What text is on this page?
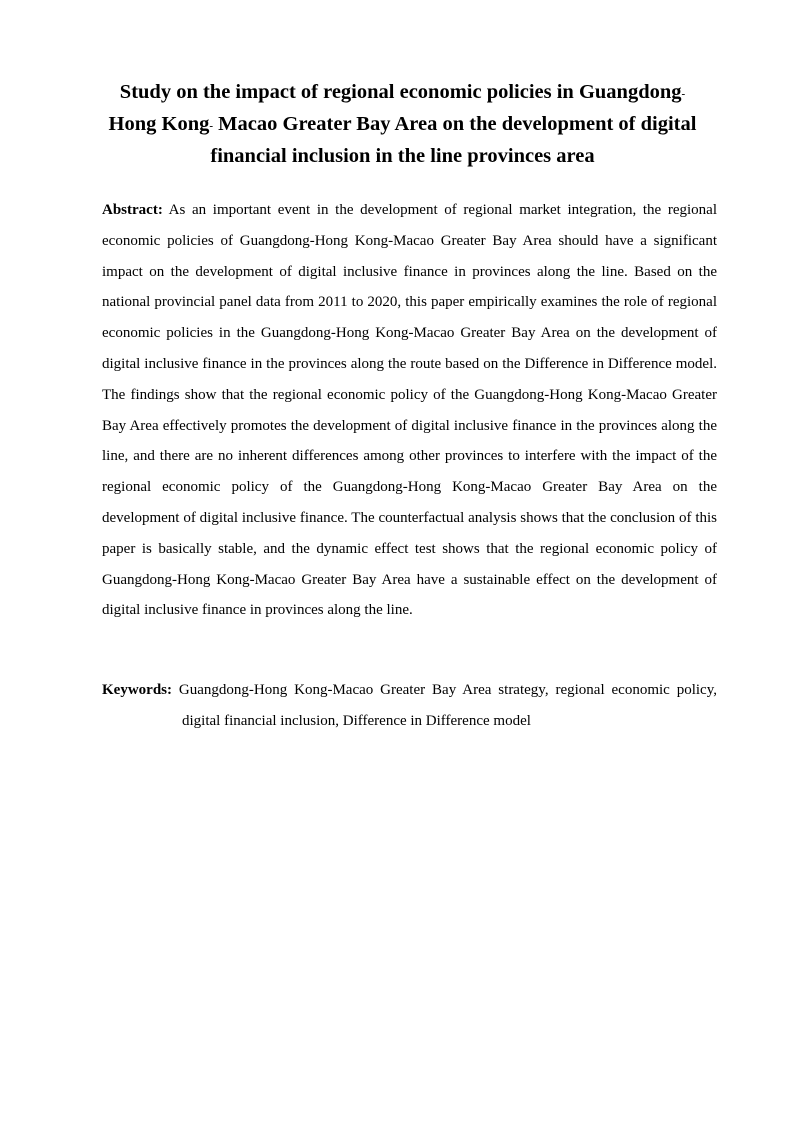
Study on the impact of regional economic policies in Guangdong-
Hong Kong- Macao Greater Bay Area on the development of digital financial inclusion in the line provinces area
Abstract: As an important event in the development of regional market integration, the regional economic policies of Guangdong-Hong Kong-Macao Greater Bay Area should have a significant impact on the development of digital inclusive finance in provinces along the line. Based on the national provincial panel data from 2011 to 2020, this paper empirically examines the role of regional economic policies in the Guangdong-Hong Kong-Macao Greater Bay Area on the development of digital inclusive finance in the provinces along the route based on the Difference in Difference model. The findings show that the regional economic policy of the Guangdong-Hong Kong-Macao Greater Bay Area effectively promotes the development of digital inclusive finance in the provinces along the line, and there are no inherent differences among other provinces to interfere with the impact of the regional economic policy of the Guangdong-Hong Kong-Macao Greater Bay Area on the development of digital inclusive finance. The counterfactual analysis shows that the conclusion of this paper is basically stable, and the dynamic effect test shows that the regional economic policy of Guangdong-Hong Kong-Macao Greater Bay Area have a sustainable effect on the development of digital inclusive finance in provinces along the line.
Keywords: Guangdong-Hong Kong-Macao Greater Bay Area strategy, regional economic policy, digital financial inclusion, Difference in Difference model
